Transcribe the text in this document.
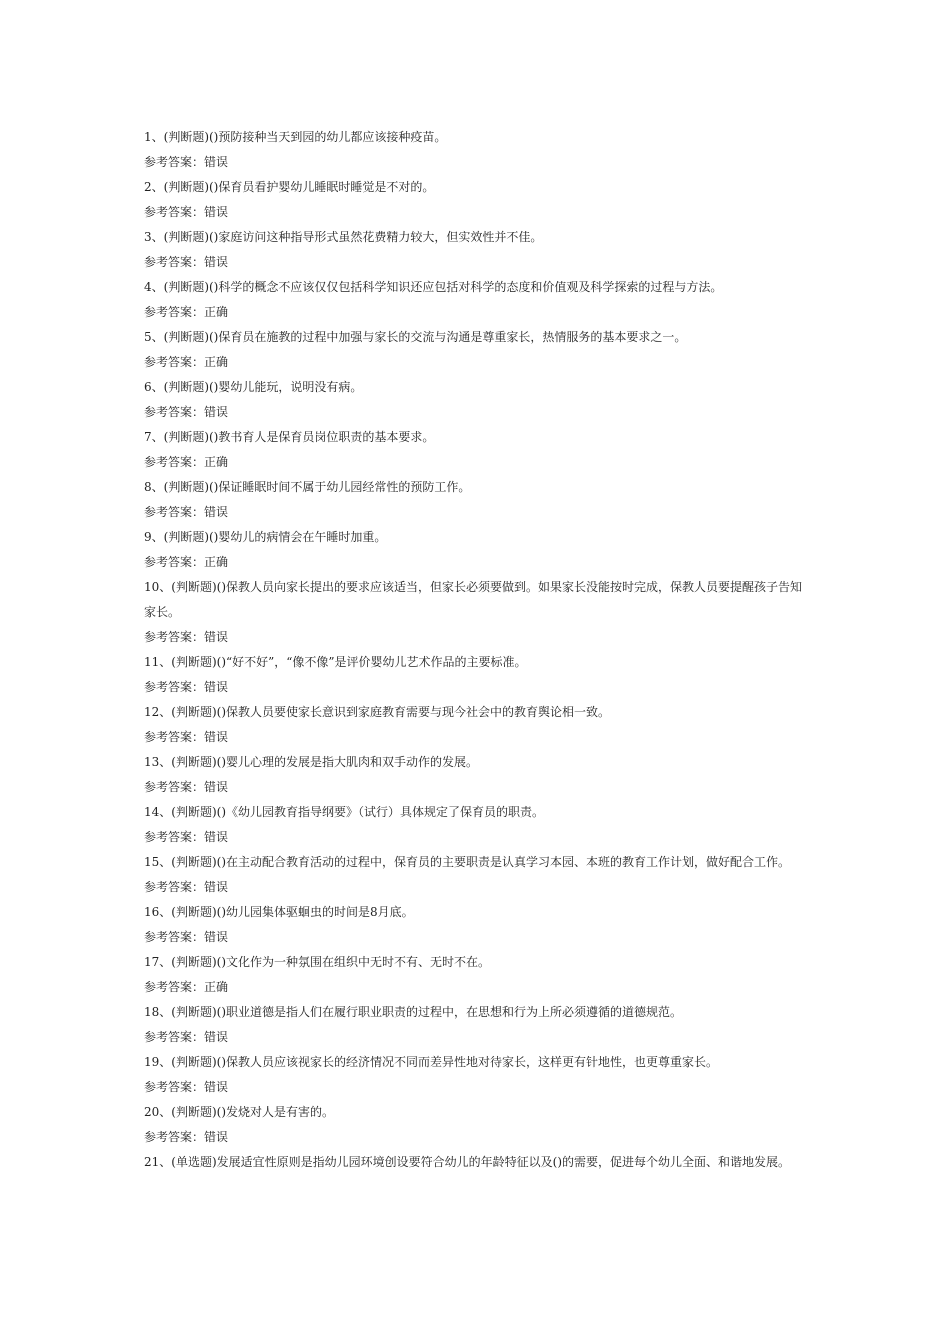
1、(判断题)()预防接种当天到园的幼儿都应该接种疫苗。

参考答案：错误

2、(判断题)()保育员看护婴幼儿睡眠时睡觉是不对的。

参考答案：错误

3、(判断题)()家庭访问这种指导形式虽然花费精力较大，但实效性并不佳。

参考答案：错误

4、(判断题)()科学的概念不应该仅仅包括科学知识还应包括对科学的态度和价值观及科学探索的过程与方法。

参考答案：正确

5、(判断题)()保育员在施教的过程中加强与家长的交流与沟通是尊重家长，热情服务的基本要求之一。

参考答案：正确

6、(判断题)()婴幼儿能玩，说明没有病。

参考答案：错误

7、(判断题)()教书育人是保育员岗位职责的基本要求。

参考答案：正确

8、(判断题)()保证睡眠时间不属于幼儿园经常性的预防工作。

参考答案：错误

9、(判断题)()婴幼儿的病情会在午睡时加重。

参考答案：正确

10、(判断题)()保教人员向家长提出的要求应该适当，但家长必须要做到。如果家长没能按时完成，保教人员要提醒孩子告知家长。

参考答案：错误

11、(判断题)()“好不好”，“像不像”是评价婴幼儿艺术作品的主要标准。

参考答案：错误

12、(判断题)()保教人员要使家长意识到家庭教育需要与现今社会中的教育舆论相一致。

参考答案：错误

13、(判断题)()婴儿心理的发展是指大肌肉和双手动作的发展。

参考答案：错误

14、(判断题)()《幼儿园教育指导纲要》（试行）具体规定了保育员的职责。

参考答案：错误

15、(判断题)()在主动配合教育活动的过程中，保育员的主要职责是认真学习本园、本班的教育工作计划，做好配合工作。

参考答案：错误

16、(判断题)()幼儿园集体驱蛔虫的时间是8月底。

参考答案：错误

17、(判断题)()文化作为一种氛围在组织中无时不有、无时不在。

参考答案：正确

18、(判断题)()职业道德是指人们在履行职业职责的过程中，在思想和行为上所必须遵循的道德规范。

参考答案：错误

19、(判断题)()保教人员应该视家长的经济情况不同而差异性地对待家长，这样更有针地性，也更尊重家长。

参考答案：错误

20、(判断题)()发烧对人是有害的。

参考答案：错误

21、(单选题)发展适宜性原则是指幼儿园环境创设要符合幼儿的年龄特征以及()的需要，促进每个幼儿全面、和谐地发展。
